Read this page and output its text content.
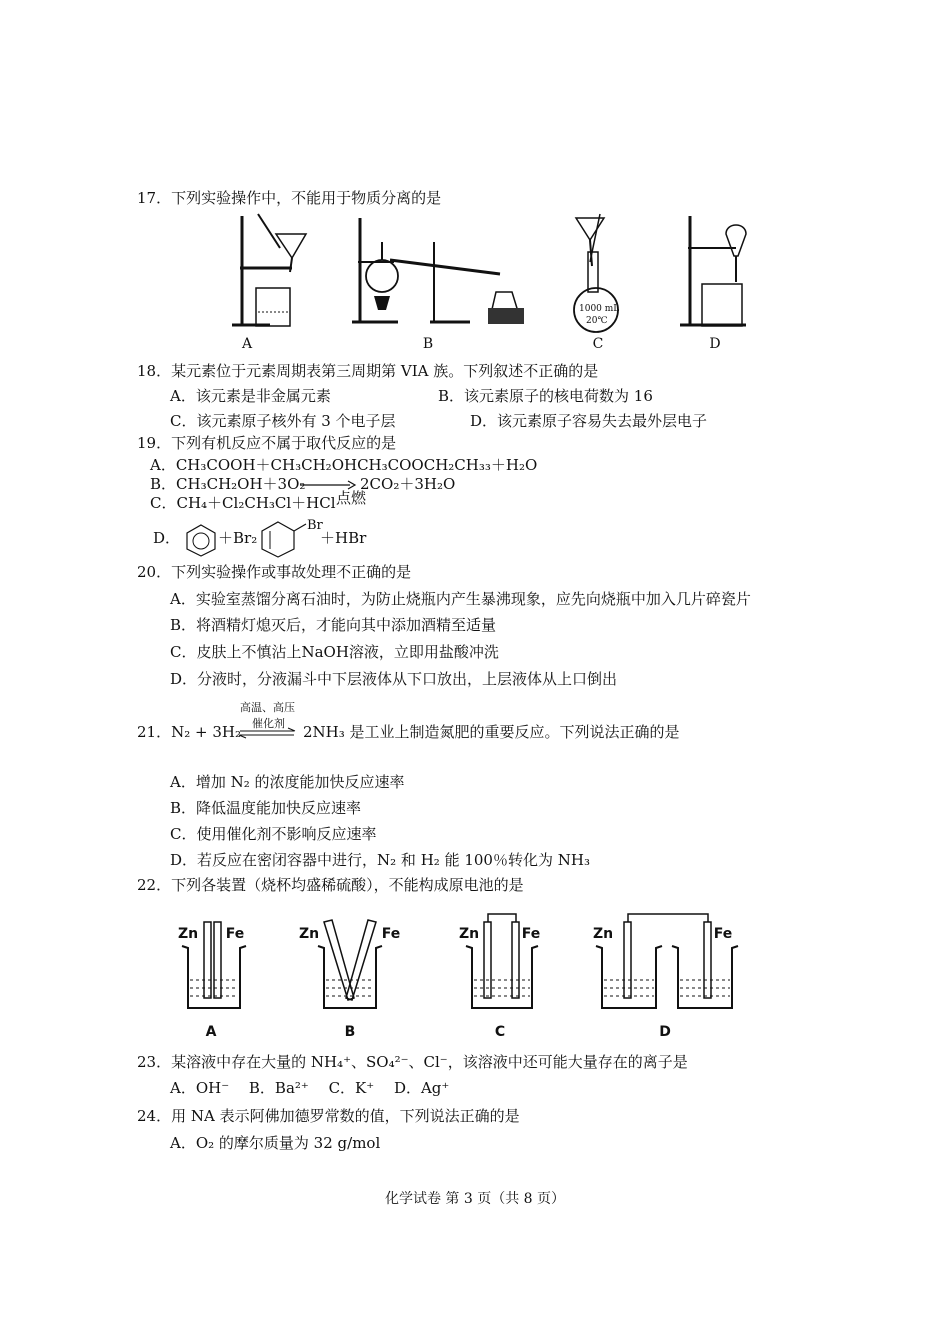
17．下列实验操作中，不能用于物质分离的是
A	B
1000 mL
20℃
C	D
18．某元素位于元素周期表第三周期第 VIA 族。下列叙述不正确的是
A．该元素是非金属元素	B．该元素原子的核电荷数为 16
C．该元素原子核外有 3 个电子层	D．该元素原子容易失去最外层电子
19．下列有机反应不属于取代反应的是
A．CH₃COOH＋CH₃CH₂OHCH₃COOCH₂CH₃₃＋H₂O
B．CH₃CH₂OH＋3O₂ → 2CO₂＋3H₂O
C．CH₄＋Cl₂CH₃Cl＋HCl 点燃
D．	＋Br₂
Br
＋HBr
20．下列实验操作或事故处理不正确的是
A．实验室蒸馏分离石油时，为防止烧瓶内产生暴沸现象，应先向烧瓶中加入几片碎瓷片
B．将酒精灯熄灭后，才能向其中添加酒精至适量
C．皮肤上不慎沾上NaOH溶液，立即用盐酸冲洗
D．分液时，分液漏斗中下层液体从下口放出，上层液体从上口倒出
高温、高压
催化剂
21．N₂ + 3H₂	2NH₃ 是工业上制造氮肥的重要反应。下列说法正确的是
A．增加 N₂ 的浓度能加快反应速率
B．降低温度能加快反应速率
C．使用催化剂不影响反应速率
D．若反应在密闭容器中进行，N₂ 和 H₂ 能 100％转化为 NH₃
22．下列各装置（烧杯均盛稀硫酸），不能构成原电池的是
Zn Fe
A
Zn	Fe
B
Zn	Fe
C
Zn	Fe
D
23．某溶液中存在大量的 NH₄⁺、SO₄²⁻、Cl⁻，该溶液中还可能大量存在的离子是
A．OH⁻　 B．Ba²⁺　 C．K⁺　 D．Ag⁺
24．用 NA 表示阿佛加德罗常数的值，下列说法正确的是
A．O₂ 的摩尔质量为 32 g/mol
化学试卷 第 3 页（共 8 页）
